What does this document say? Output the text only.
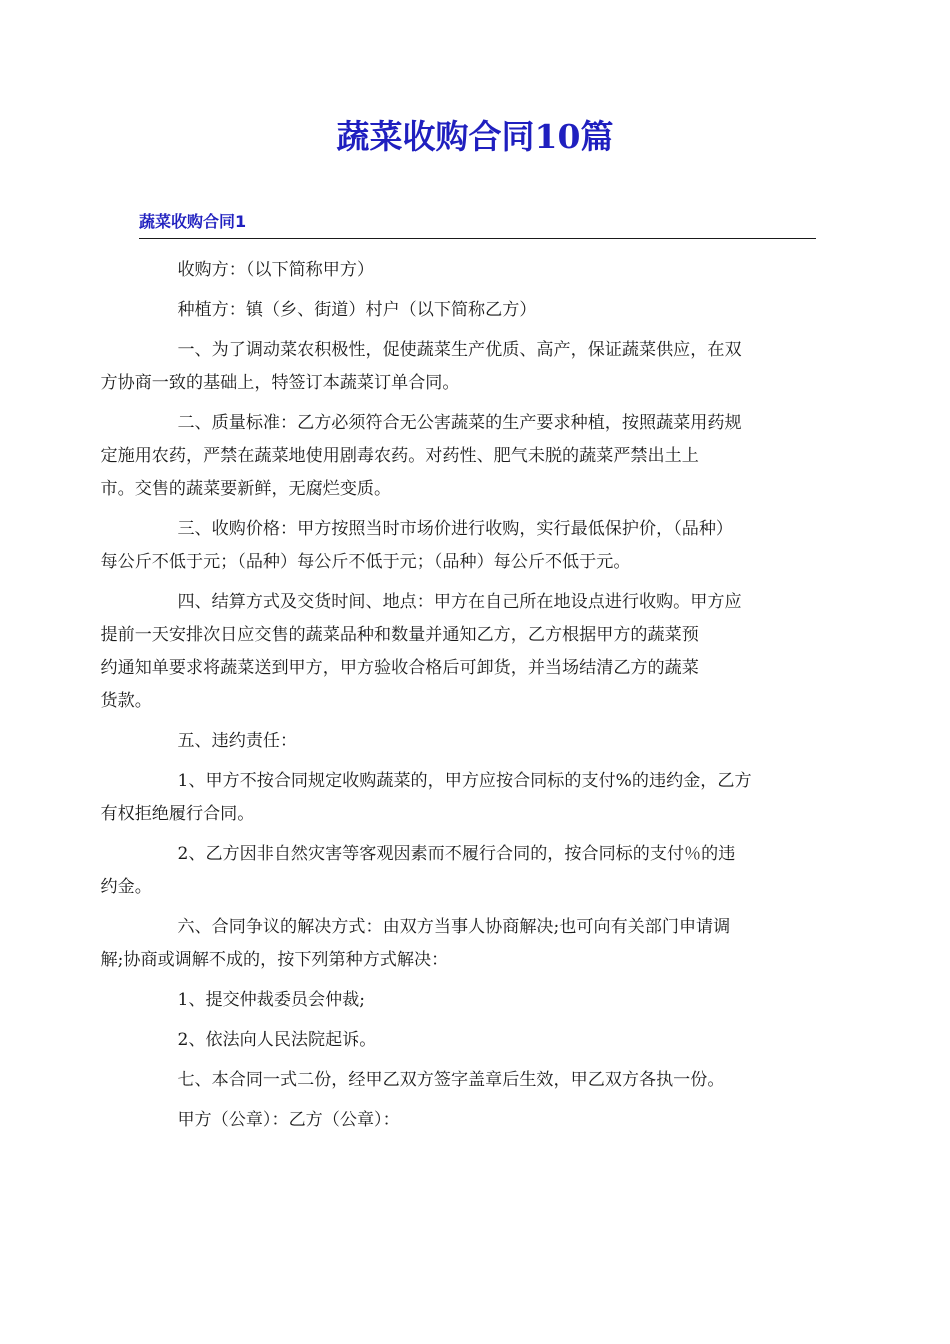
蔬菜收购合同10篇
蔬菜收购合同1

收购方：（以下简称甲方）

种植方：镇（乡、街道）村户（以下简称乙方）

一、为了调动菜农积极性，促使蔬菜生产优质、高产，保证蔬菜供应，在双
方协商一致的基础上，特签订本蔬菜订单合同。

二、质量标准：乙方必须符合无公害蔬菜的生产要求种植，按照蔬菜用药规
定施用农药，严禁在蔬菜地使用剧毒农药。对药性、肥气未脱的蔬菜严禁出土上
市。交售的蔬菜要新鲜，无腐烂变质。

三、收购价格：甲方按照当时市场价进行收购，实行最低保护价，（品种）
每公斤不低于元；（品种）每公斤不低于元；（品种）每公斤不低于元。

四、结算方式及交货时间、地点：甲方在自己所在地设点进行收购。甲方应
提前一天安排次日应交售的蔬菜品种和数量并通知乙方，乙方根据甲方的蔬菜预
约通知单要求将蔬菜送到甲方，甲方验收合格后可卸货，并当场结清乙方的蔬菜
货款。

五、违约责任：

1、甲方不按合同规定收购蔬菜的，甲方应按合同标的支付%的违约金，乙方
有权拒绝履行合同。

2、乙方因非自然灾害等客观因素而不履行合同的，按合同标的支付％的违
约金。

六、合同争议的解决方式：由双方当事人协商解决;也可向有关部门申请调
解;协商或调解不成的，按下列第种方式解决：

1、提交仲裁委员会仲裁;

2、依法向人民法院起诉。

七、本合同一式二份，经甲乙双方签字盖章后生效，甲乙双方各执一份。

甲方（公章）：乙方（公章）：
